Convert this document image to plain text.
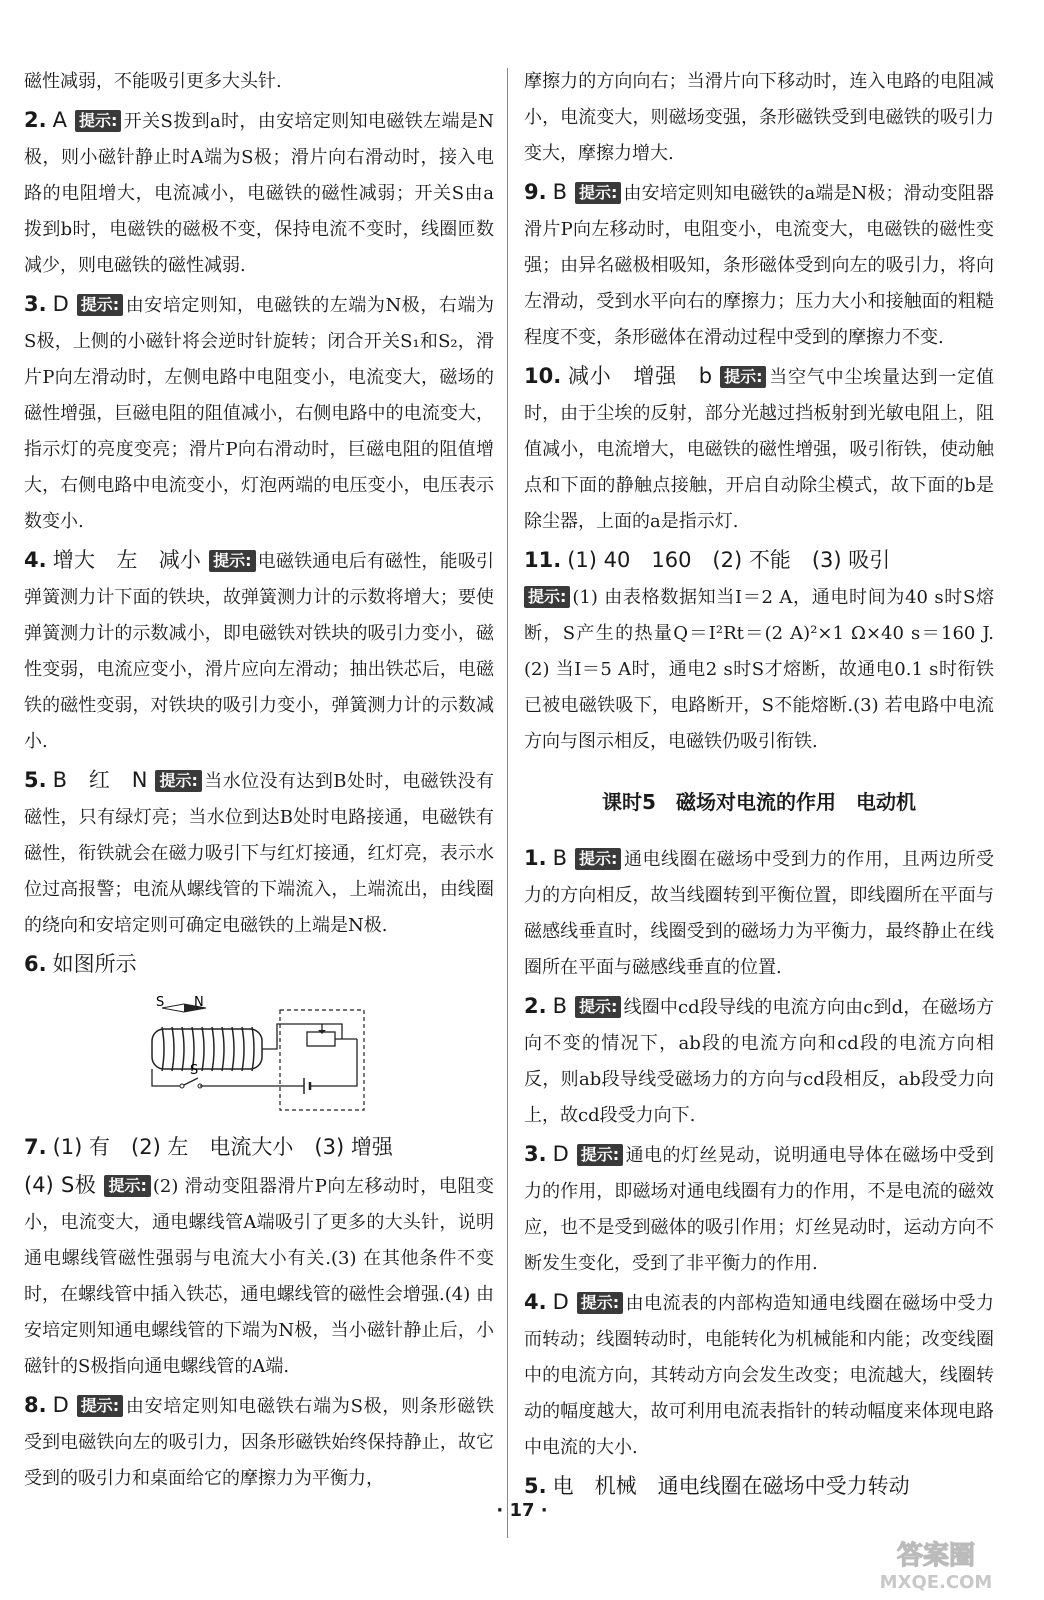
磁性减弱，不能吸引更多大头针.

2. A 提示: 开关S拨到a时，由安培定则知电磁铁左端是N极，则小磁针静止时A端为S极；滑片向右滑动时，接入电路的电阻增大，电流减小，电磁铁的磁性减弱；开关S由a拨到b时，电磁铁的磁极不变，保持电流不变时，线圈匝数减少，则电磁铁的磁性减弱.

3. D 提示: 由安培定则知，电磁铁的左端为N极，右端为S极，上侧的小磁针将会逆时针旋转；闭合开关S₁和S₂，滑片P向左滑动时，左侧电路中电阻变小，电流变大，磁场的磁性增强，巨磁电阻的阻值减小，右侧电路中的电流变大，指示灯的亮度变亮；滑片P向右滑动时，巨磁电阻的阻值增大，右侧电路中电流变小，灯泡两端的电压变小，电压表示数变小.

4. 增大　左　减小 提示: 电磁铁通电后有磁性，能吸引弹簧测力计下面的铁块，故弹簧测力计的示数将增大；要使弹簧测力计的示数减小，即电磁铁对铁块的吸引力变小，磁性变弱，电流应变小，滑片应向左滑动；抽出铁芯后，电磁铁的磁性变弱，对铁块的吸引力变小，弹簧测力计的示数减小.

5. B　红　N 提示: 当水位没有达到B处时，电磁铁没有磁性，只有绿灯亮；当水位到达B处时电路接通，电磁铁有磁性，衔铁就会在磁力吸引下与红灯接通，红灯亮，表示水位过高报警；电流从螺线管的下端流入，上端流出，由线圈的绕向和安培定则可确定电磁铁的上端是N极.

6. 如图所示

S N
S

7. (1) 有　(2) 左　电流大小　(3) 增强
(4) S极 提示: (2) 滑动变阻器滑片P向左移动时，电阻变小，电流变大，通电螺线管A端吸引了更多的大头针，说明通电螺线管磁性强弱与电流大小有关.(3) 在其他条件不变时，在螺线管中插入铁芯，通电螺线管的磁性会增强.(4) 由安培定则知通电螺线管的下端为N极，当小磁针静止后，小磁针的S极指向通电螺线管的A端.

8. D 提示: 由安培定则知电磁铁右端为S极，则条形磁铁受到电磁铁向左的吸引力，因条形磁铁始终保持静止，故它受到的吸引力和桌面给它的摩擦力为平衡力，

摩擦力的方向向右；当滑片向下移动时，连入电路的电阻减小，电流变大，则磁场变强，条形磁铁受到电磁铁的吸引力变大，摩擦力增大.

9. B 提示: 由安培定则知电磁铁的a端是N极；滑动变阻器滑片P向左移动时，电阻变小，电流变大，电磁铁的磁性变强；由异名磁极相吸知，条形磁体受到向左的吸引力，将向左滑动，受到水平向右的摩擦力；压力大小和接触面的粗糙程度不变，条形磁体在滑动过程中受到的摩擦力不变.

10. 减小　增强　b 提示: 当空气中尘埃量达到一定值时，由于尘埃的反射，部分光越过挡板射到光敏电阻上，阻值减小，电流增大，电磁铁的磁性增强，吸引衔铁，使动触点和下面的静触点接触，开启自动除尘模式，故下面的b是除尘器，上面的a是指示灯.

11. (1) 40　160　(2) 不能　(3) 吸引
提示: (1) 由表格数据知当I＝2 A，通电时间为40 s时S熔断，S产生的热量Q＝I²Rt＝(2 A)²×1 Ω×40 s＝160 J.(2) 当I＝5 A时，通电2 s时S才熔断，故通电0.1 s时衔铁已被电磁铁吸下，电路断开，S不能熔断.(3) 若电路中电流方向与图示相反，电磁铁仍吸引衔铁.

课时5　磁场对电流的作用　电动机

1. B 提示: 通电线圈在磁场中受到力的作用，且两边所受力的方向相反，故当线圈转到平衡位置，即线圈所在平面与磁感线垂直时，线圈受到的磁场力为平衡力，最终静止在线圈所在平面与磁感线垂直的位置.

2. B 提示: 线圈中cd段导线的电流方向由c到d，在磁场方向不变的情况下，ab段的电流方向和cd段的电流方向相反，则ab段导线受磁场力的方向与cd段相反，ab段受力向上，故cd段受力向下.

3. D 提示: 通电的灯丝晃动，说明通电导体在磁场中受到力的作用，即磁场对通电线圈有力的作用，不是电流的磁效应，也不是受到磁体的吸引作用；灯丝晃动时，运动方向不断发生变化，受到了非平衡力的作用.

4. D 提示: 由电流表的内部构造知通电线圈在磁场中受力而转动；线圈转动时，电能转化为机械能和内能；改变线圈中的电流方向，其转动方向会发生改变；电流越大，线圈转动的幅度越大，故可利用电流表指针的转动幅度来体现电路中电流的大小.

5. 电　机械　通电线圈在磁场中受力转动

· 17 ·
答案圈
MXQE.COM
